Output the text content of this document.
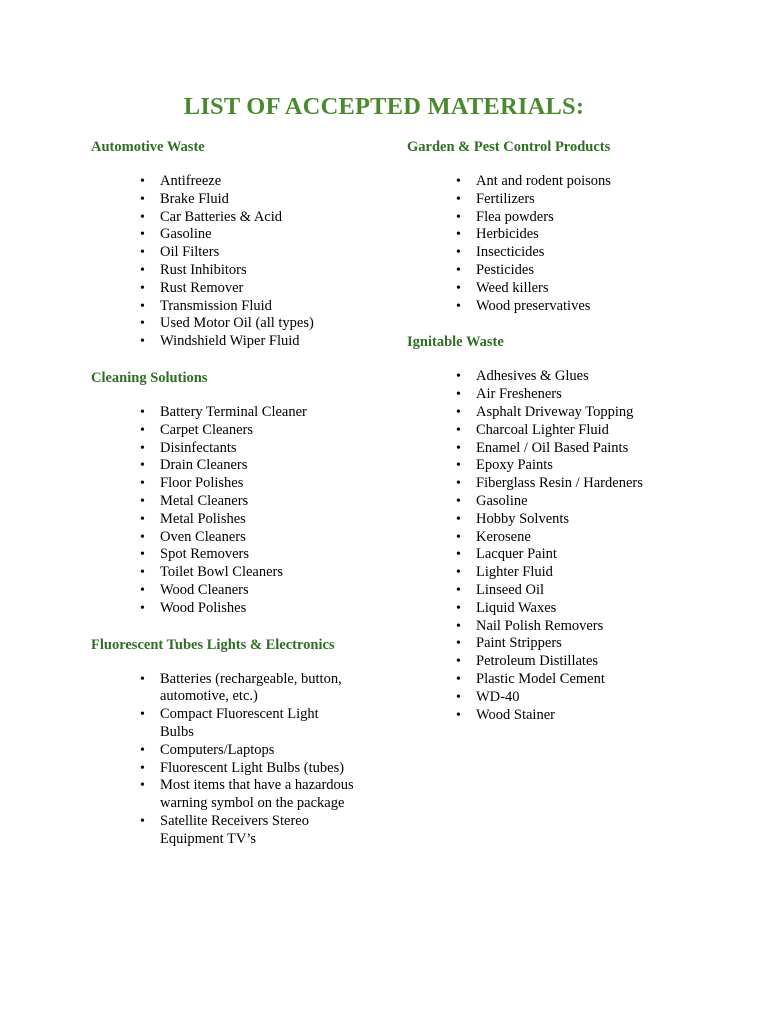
LIST OF ACCEPTED MATERIALS:
Automotive Waste
• Antifreeze
• Brake Fluid
• Car Batteries & Acid
• Gasoline
• Oil Filters
• Rust Inhibitors
• Rust Remover
• Transmission Fluid
• Used Motor Oil (all types)
• Windshield Wiper Fluid
Cleaning Solutions
• Battery Terminal Cleaner
• Carpet Cleaners
• Disinfectants
• Drain Cleaners
• Floor Polishes
• Metal Cleaners
• Metal Polishes
• Oven Cleaners
• Spot Removers
• Toilet Bowl Cleaners
• Wood Cleaners
• Wood Polishes
Fluorescent Tubes Lights & Electronics
• Batteries (rechargeable, button, automotive, etc.)
• Compact Fluorescent Light Bulbs
• Computers/Laptops
• Fluorescent Light Bulbs (tubes)
• Most items that have a hazardous warning symbol on the package
• Satellite Receivers Stereo Equipment TV’s
Garden & Pest Control Products
• Ant and rodent poisons
• Fertilizers
• Flea powders
• Herbicides
• Insecticides
• Pesticides
• Weed killers
• Wood preservatives
Ignitable Waste
• Adhesives & Glues
• Air Fresheners
• Asphalt Driveway Topping
• Charcoal Lighter Fluid
• Enamel / Oil Based Paints
• Epoxy Paints
• Fiberglass Resin / Hardeners
• Gasoline
• Hobby Solvents
• Kerosene
• Lacquer Paint
• Lighter Fluid
• Linseed Oil
• Liquid Waxes
• Nail Polish Removers
• Paint Strippers
• Petroleum Distillates
• Plastic Model Cement
• WD-40
• Wood Stainer
